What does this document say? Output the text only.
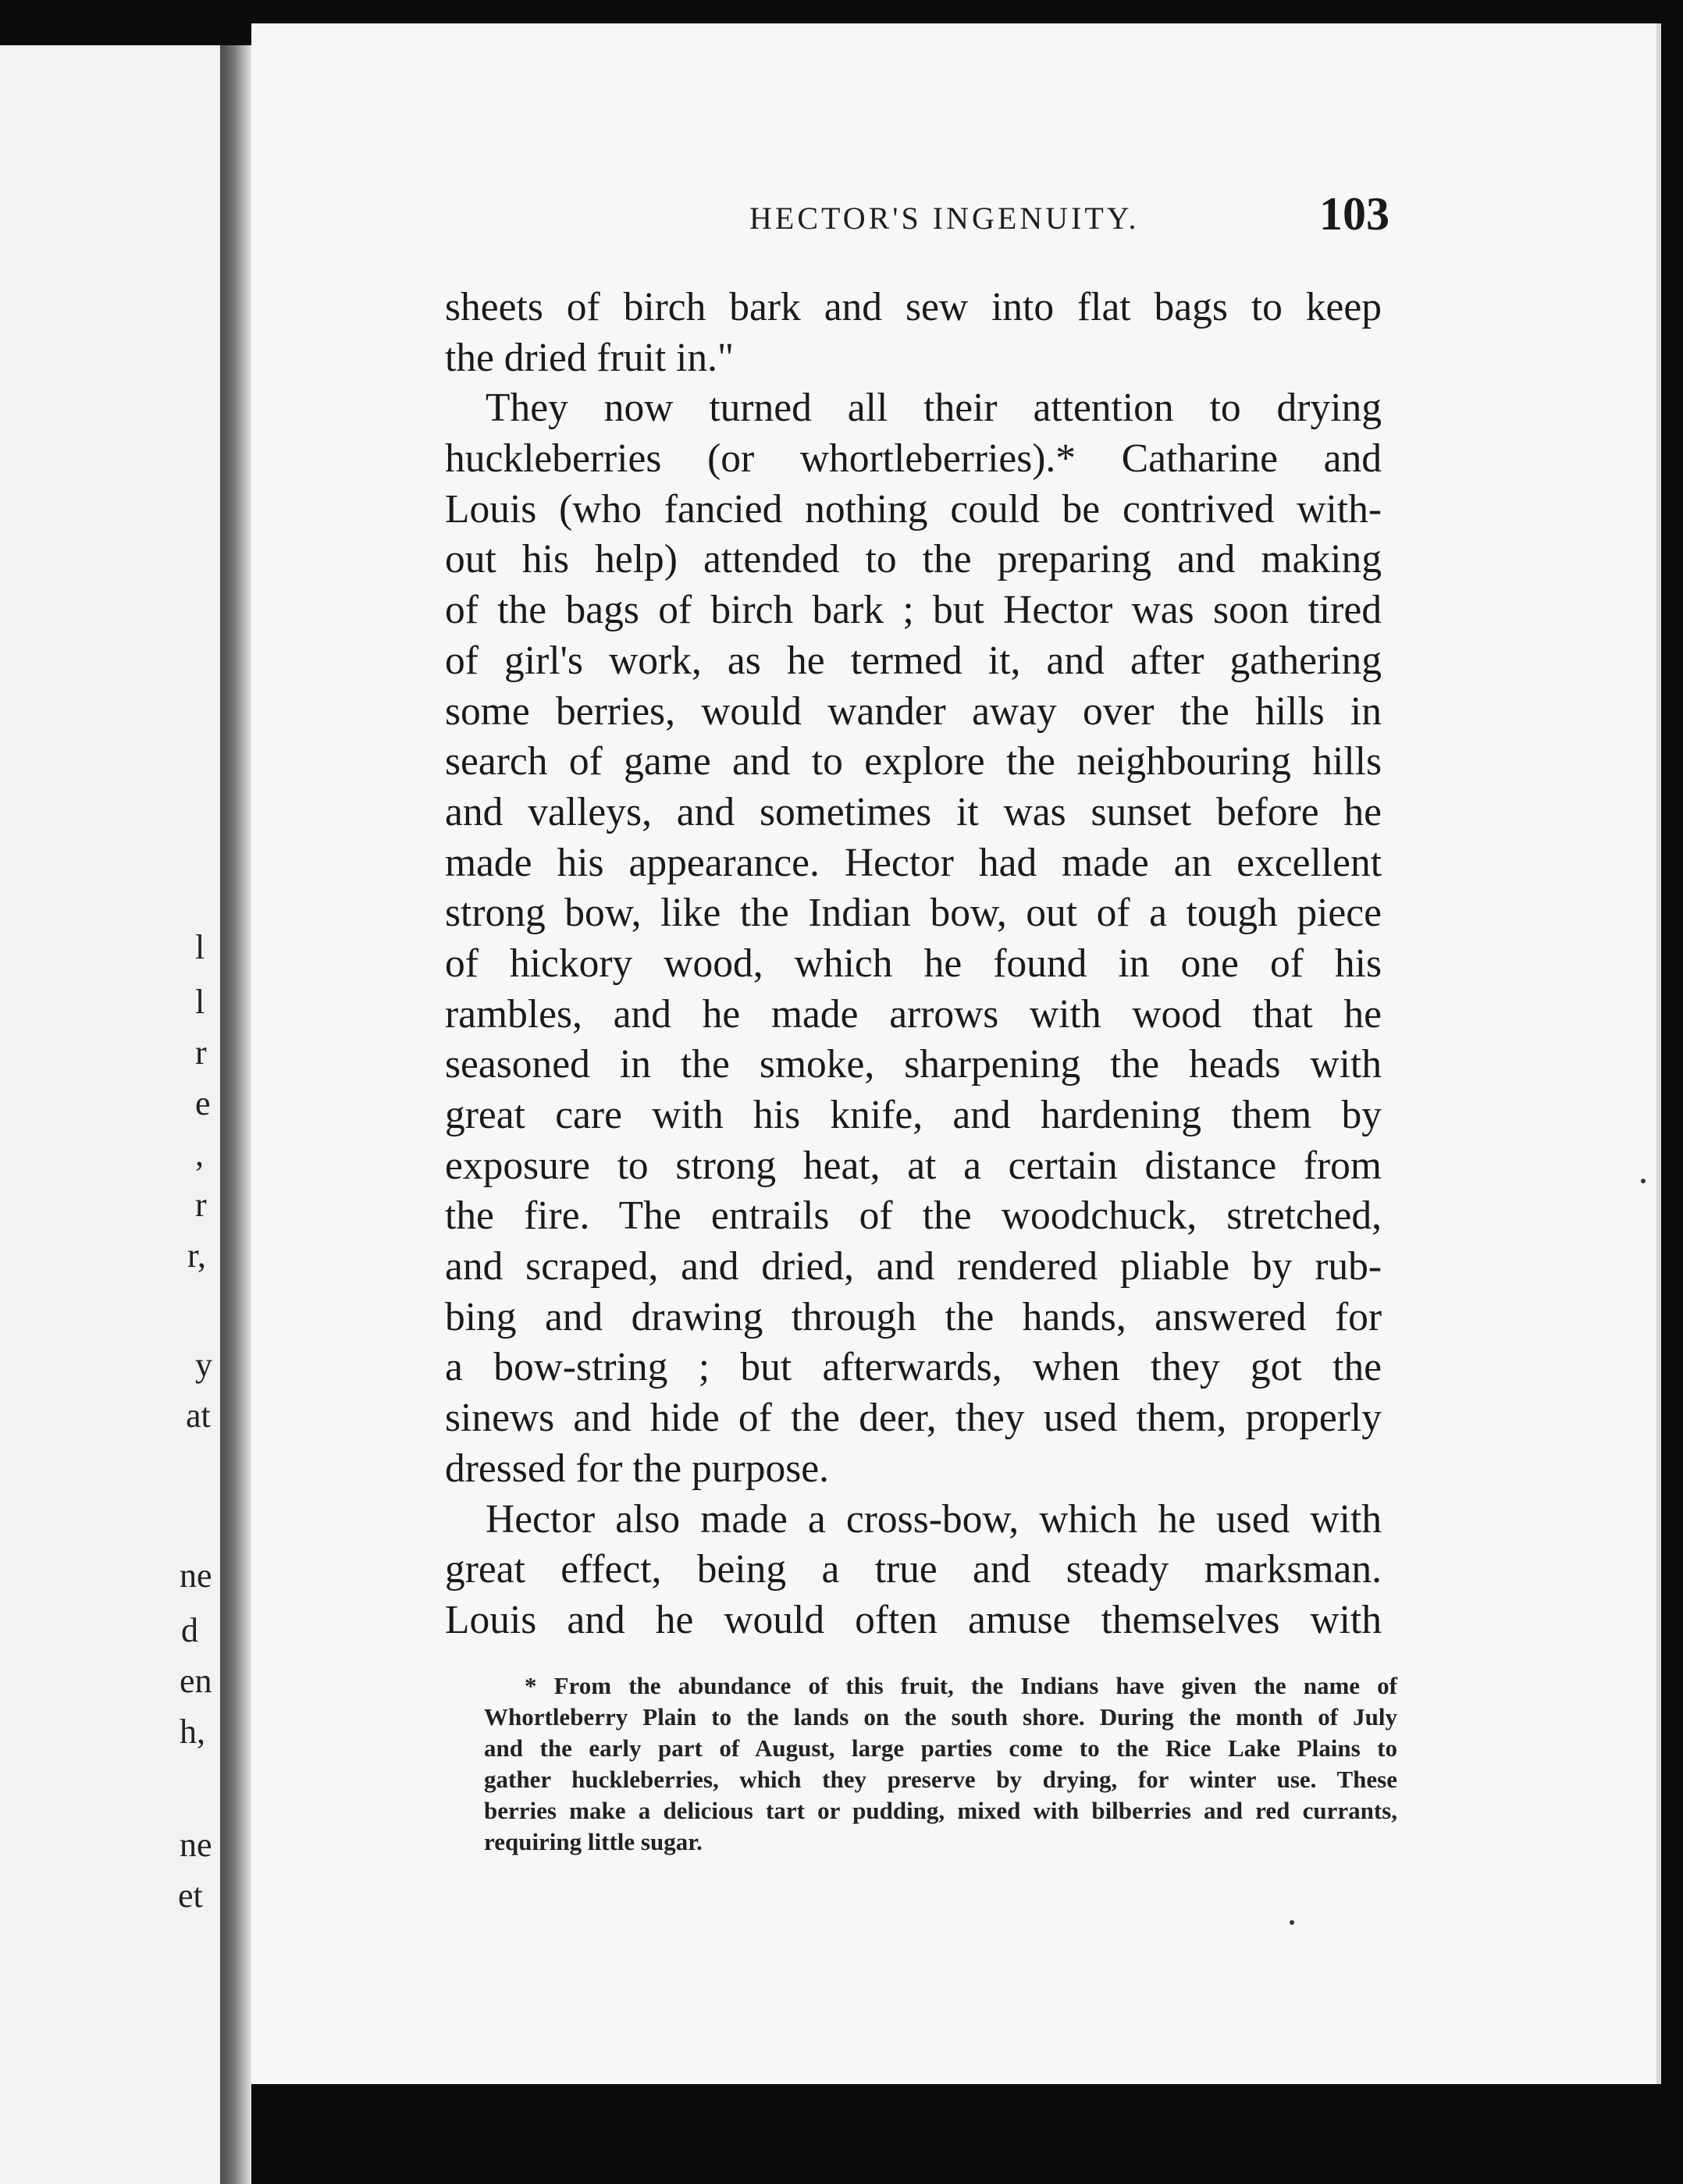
l
l
r
e
,
r
r,
y
at
ne
d
en
h,
ne
et
HECTOR'S INGENUITY.	103
sheets of birch bark and sew into flat bags to keep
the dried fruit in."
They now turned all their attention to drying
huckleberries (or whortleberries).* Catharine and
Louis (who fancied nothing could be contrived with-
out his help) attended to the preparing and making
of the bags of birch bark ; but Hector was soon tired
of girl's work, as he termed it, and after gathering
some berries, would wander away over the hills in
search of game and to explore the neighbouring hills
and valleys, and sometimes it was sunset before he
made his appearance. Hector had made an excellent
strong bow, like the Indian bow, out of a tough piece
of hickory wood, which he found in one of his
rambles, and he made arrows with wood that he
seasoned in the smoke, sharpening the heads with
great care with his knife, and hardening them by
exposure to strong heat, at a certain distance from
the fire. The entrails of the woodchuck, stretched,
and scraped, and dried, and rendered pliable by rub-
bing and drawing through the hands, answered for
a bow-string ; but afterwards, when they got the
sinews and hide of the deer, they used them, properly
dressed for the purpose.
Hector also made a cross-bow, which he used with
great effect, being a true and steady marksman.
Louis and he would often amuse themselves with
* From the abundance of this fruit, the Indians have given the name of
Whortleberry Plain to the lands on the south shore. During the month of July
and the early part of August, large parties come to the Rice Lake Plains to
gather huckleberries, which they preserve by drying, for winter use. These
berries make a delicious tart or pudding, mixed with bilberries and red currants,
requiring little sugar.
